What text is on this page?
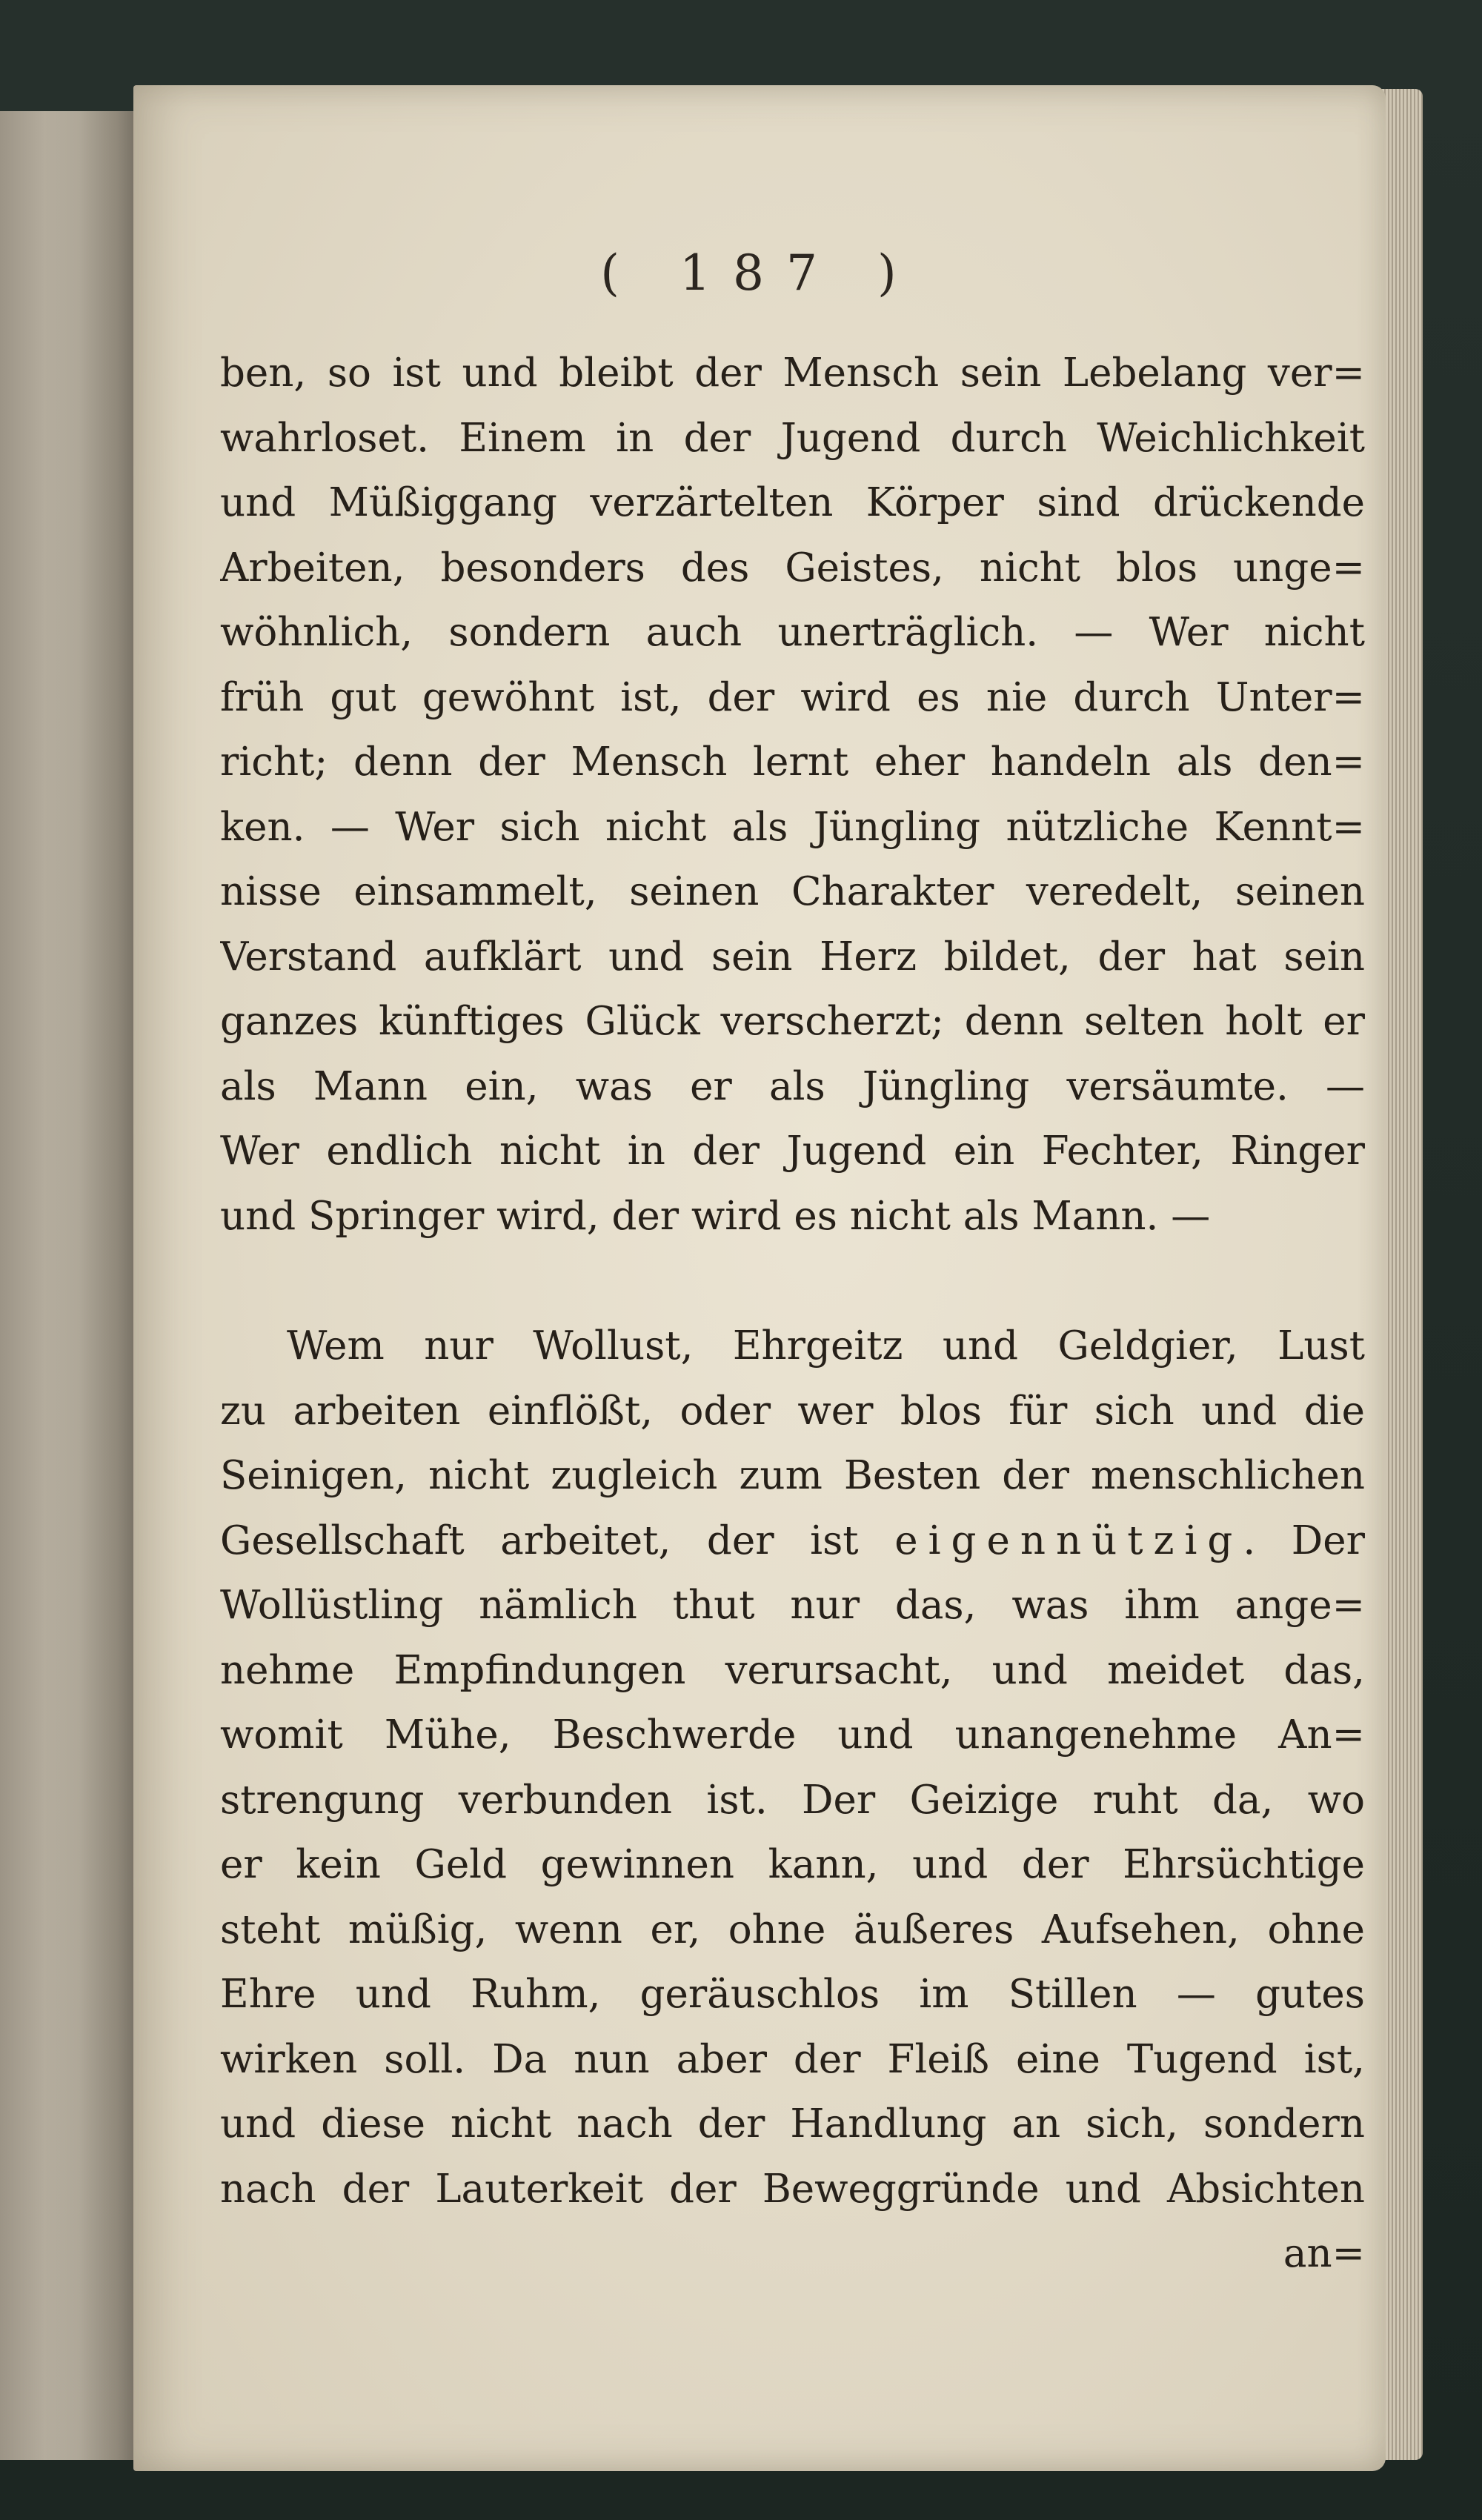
( 187 )
ben, so ist und bleibt der Mensch sein Lebelang ver=
wahrloset. Einem in der Jugend durch Weichlichkeit
und Müßiggang verzärtelten Körper sind drückende
Arbeiten, besonders des Geistes, nicht blos unge=
wöhnlich, sondern auch unerträglich. — Wer nicht
früh gut gewöhnt ist, der wird es nie durch Unter=
richt; denn der Mensch lernt eher handeln als den=
ken. — Wer sich nicht als Jüngling nützliche Kennt=
nisse einsammelt, seinen Charakter veredelt, seinen
Verstand aufklärt und sein Herz bildet, der hat sein
ganzes künftiges Glück verscherzt; denn selten holt er
als Mann ein, was er als Jüngling versäumte. —
Wer endlich nicht in der Jugend ein Fechter, Ringer
und Springer wird, der wird es nicht als Mann. —
Wem nur Wollust, Ehrgeitz und Geldgier, Lust
zu arbeiten einflößt, oder wer blos für sich und die
Seinigen, nicht zugleich zum Besten der menschlichen
Gesellschaft arbeitet, der ist eigennützig. Der
Wollüstling nämlich thut nur das, was ihm ange=
nehme Empfindungen verursacht, und meidet das,
womit Mühe, Beschwerde und unangenehme An=
strengung verbunden ist. Der Geizige ruht da, wo
er kein Geld gewinnen kann, und der Ehrsüchtige
steht müßig, wenn er, ohne äußeres Aufsehen, ohne
Ehre und Ruhm, geräuschlos im Stillen — gutes
wirken soll. Da nun aber der Fleiß eine Tugend ist,
und diese nicht nach der Handlung an sich, sondern
nach der Lauterkeit der Beweggründe und Absichten
an=
